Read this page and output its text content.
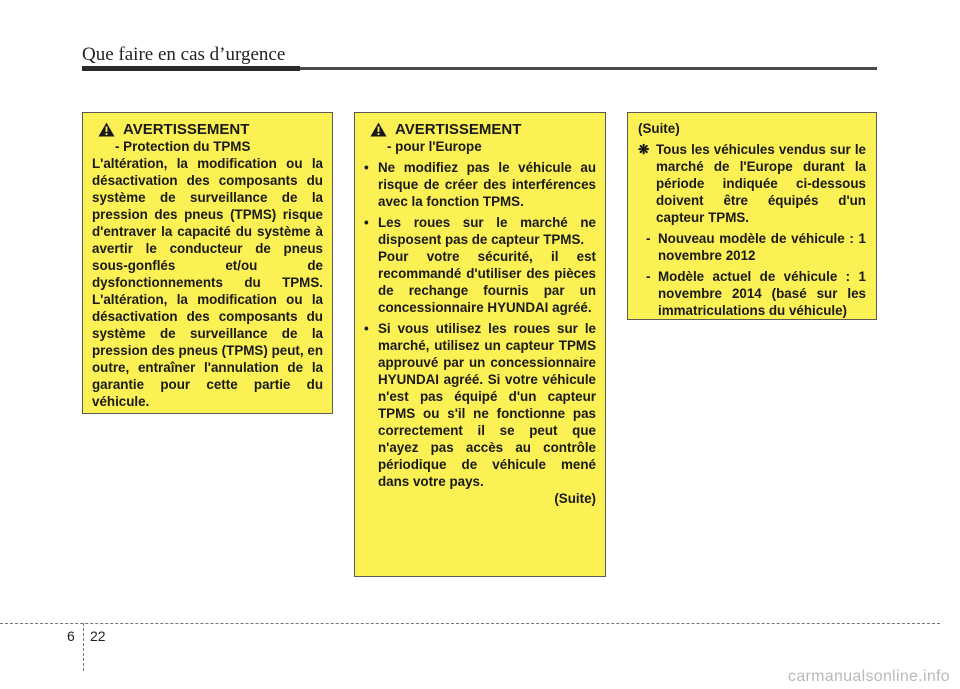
Que faire en cas d’urgence
AVERTISSEMENT

- Protection du TPMS

L'altération, la modification ou la désactivation des composants du système de surveillance de la pression des pneus (TPMS) risque d'entraver la capacité du système à avertir le conducteur de pneus sous-gonflés et/ou de dysfonctionnements du TPMS. L'altération, la modification ou la désactivation des composants du système de surveillance de la pression des pneus (TPMS) peut, en outre, entraîner l'annulation de la garantie pour cette partie du véhicule.

AVERTISSEMENT

- pour l'Europe

• Ne modifiez pas le véhicule au risque de créer des interférences avec la fonction TPMS.
• Les roues sur le marché ne disposent pas de capteur TPMS.

Pour votre sécurité, il est recommandé d'utiliser des pièces de rechange fournis par un concessionnaire HYUNDAI agréé.

• Si vous utilisez les roues sur le marché, utilisez un capteur TPMS approuvé par un concessionnaire HYUNDAI agréé. Si votre véhicule n'est pas équipé d'un capteur TPMS ou s'il ne fonctionne pas correctement il se peut que n'ayez pas accès au contrôle périodique de véhicule mené dans votre pays.

(Suite)

(Suite)

❋ Tous les véhicules vendus sur le marché de l'Europe durant la période indiquée ci-dessous doivent être équipés d'un capteur TPMS.
- Nouveau modèle de véhicule : 1 novembre 2012
- Modèle actuel de véhicule : 1 novembre 2014 (basé sur les immatriculations du véhicule)
6 22
carmanualsonline.info
